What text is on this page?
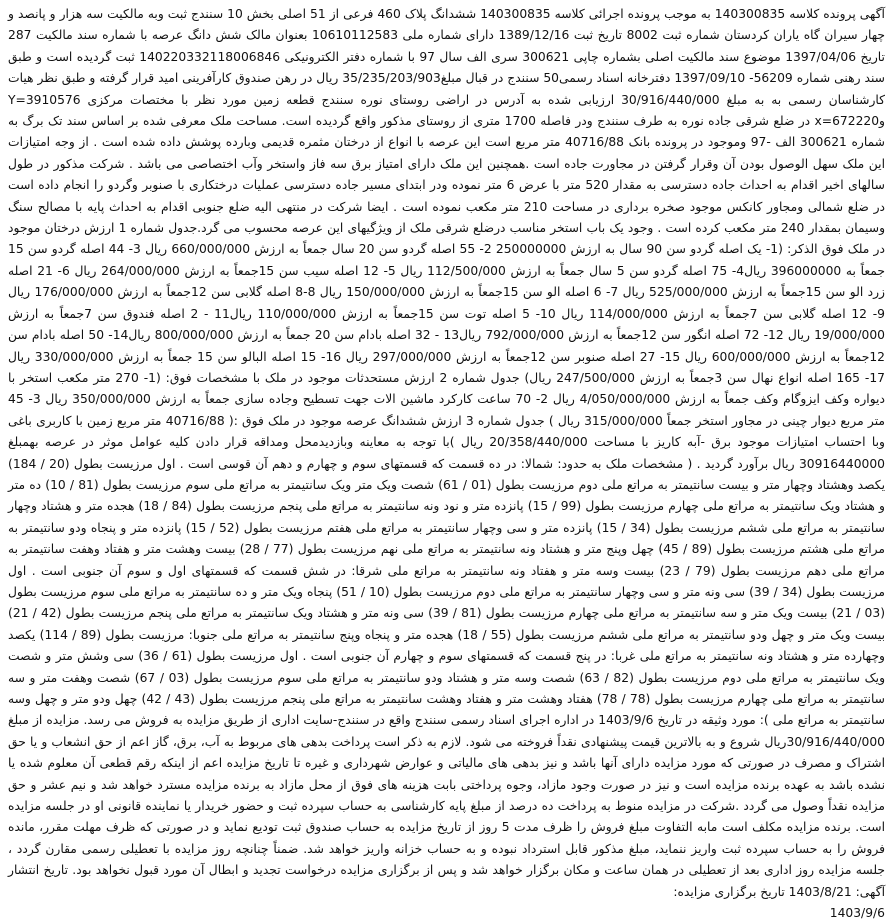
آگهی پرونده کلاسه 140300835 به موجب پرونده اجرائی کلاسه 140300835 ششدانگ پلاک 460 فرعی از 51 اصلی بخش 10 سنندج ثبت وبه مالکیت سه هزار و پانصد و چهار سیران گاه یاران کردستان شماره ثبت 8002 تاریخ ثبت 1389/12/16 دارای شماره ملی 10610112583 بعنوان مالک شش دانگ عرصه با شماره سند مالکیت 287 تاریخ 1397/04/06 موضوع سند مالکیت اصلی بشماره چاپی 300621 سری الف سال 97 با شماره دفتر الکترونیکی 140220332118006846 ثبت گردیده است و طبق سند رهنی شماره 56209- 1397/09/10 دفترخانه اسناد رسمی50 سنندج در قبال مبلغ35/235/203/903 ریال در رهن صندوق کارآفرینی امید قرار گرفته و طبق نظر هیات کارشناسان رسمی به به مبلغ 30/916/440/000 ارزیابی شده به آدرس در اراضی روستای نوره سنندج قطعه زمین مورد نظر با مختصات مرکزی Y=3910576 وx=672220 در ضلع شرقی جاده نوره به طرف سنندج ودر فاصله 1700 متری از روستای مذکور واقع گردیده است. مساحت ملک معرفی شده بر اساس سند تک برگ به شماره 300621 الف -97 وموجود در پرونده بانک 40716/88 متر مربع است این عرصه با انواع از درختان مثمره قدیمی وبارده پوشش داده شده است . از وجه امتیازات این ملک سهل الوصول بودن آن وقرار گرفتن در مجاورت جاده است .همچنین این ملک دارای امتیاز برق سه فاز واستخر وآب اختصاصی می باشد . شرکت مذکور در طول سالهای اخیر اقدام به احداث جاده دسترسی به مقدار 520 متر با عرض 6 متر نموده ودر ابتدای مسیر جاده دسترسی عملیات درختکاری با صنوبر وگردو را انجام داده است در ضلع شمالی ومجاور کانکس موجود صخره برداری در مساحت 210 متر مکعب نموده است . ایضا شرکت در منتهی الیه ضلع جنوبی اقدام به احداث پایه با مصالح سنگ وسیمان بمقدار 240 متر مکعب کرده است . وجود یک باب استخر مناسب درضلع شرقی ملک از ویژگیهای این عرصه محسوب می گرد.جدول شماره 1 ارزش درختان موجود در ملک فوق الذکر: (1- یک اصله گردو سن 90 سال به ارزش 250000000 2- 55 اصله گردو سن 20 سال جمعاً به ارزش 660/000/000 ریال 3- 44 اصله گردو سن 15 جمعاً به 396000000 ریال4- 75 اصله گردو سن 5 سال جمعاً به ارزش 112/500/000 ریال 5- 12 اصله سیب سن 15جمعاً به ارزش 264/000/000 ریال 6- 21 اصله زرد الو سن 15جمعاً به ارزش 525/000/000 ریال 7- 6 اصله الو سن 15جمعاً به ارزش 150/000/000 ریال 8-8 اصله گلابی سن 12جمعاً به ارزش 176/000/000 ریال 9- 12 اصله گلابی سن 7جمعاً به ارزش 114/000/000 ریال 10- 5 اصله توت سن 15جمعاً به ارزش 110/000/000 ریال11 - 2 اصله فندوق سن 7جمعاً به ارزش 19/000/000 ریال 12- 72 اصله انگور سن 12جمعاً به ارزش 792/000/000 ریال13 - 32 اصله بادام سن 20 جمعاً به ارزش 800/000/000 ریال14- 50 اصله بادام سن 12جمعاً به ارزش 600/000/000 ریال 15- 27 اصله صنوبر سن 12جمعاً به ارزش 297/000/000 ریال 16- 15 اصله البالو سن 15 جمعاً به ارزش 330/000/000 ریال 17- 165 اصله انواع نهال سن 3جمعاً به ارزش 247/500/000 ریال) جدول شماره 2 ارزش مستحدثات موجود در ملک با مشخصات فوق: (1- 270 متر مکعب استخر با دیواره وکف ایزوگام وکف جمعاً به ارزش 4/050/000/000 ریال 2- 70 ساعت کارکرد ماشین الات جهت تسطیح وجاده سازی جمعاً به ارزش 350/000/000 ریال 3- 45 متر مربع دیوار چینی در مجاور استخر جمعاً 315/000/000 ریال ) جدول شماره 3 ارزش ششدانگ عرصه موجود در ملک فوق :( 40716/88 متر مربع زمین با کاربری باغی وبا احتساب امتیازات موجود برق -آبه کاریز با مساحت 20/358/440/000 ریال )با توجه به معاینه وبازدیدمحل ومداقه قرار دادن کلیه عوامل موثر در عرصه بهمبلغ 30916440000 ریال برآورد گردید . ( مشخصات ملک به حدود: شمالا: در ده قسمت که قسمتهای سوم و چهارم و دهم آن قوسی است . اول مرزیست بطول (20 / 184) یکصد وهشتاد وچهار متر و بیست سانتیمتر به مراتع ملی دوم مرزیست بطول (01 / 61) شصت ویک متر ویک سانتیمتر به مراتع ملی سوم مرزیست بطول (81 / 10) ده متر و هشتاد ویک سانتیمتر به مراتع ملی چهارم مرزیست بطول (99 / 15) پانزده متر و نود ونه سانتیمتر به مراتع ملی پنجم مرزیست بطول (84 / 18) هجده متر و هشتاد وچهار سانتیمتر به مراتع ملی ششم مرزیست بطول (34 / 15) پانزده متر و سی وچهار سانتیمتر به مراتع ملی هفتم مرزیست بطول (52 / 15) پانزده متر و پنجاه ودو سانتیمتر به مراتع ملی هشتم مرزیست بطول (89 / 45) چهل وپنج متر و هشتاد ونه سانتیمتر به مراتع ملی نهم مرزیست بطول (77 / 28) بیست وهشت متر و هفتاد وهفت سانتیمتر به مراتع ملی دهم مرزیست بطول (79 / 23) بیست وسه متر و هفتاد ونه سانتیمتر به مراتع ملی شرقا: در شش قسمت که قسمتهای اول و سوم آن جنوبی است . اول مرزیست بطول (34 / 39) سی ونه متر و سی وچهار سانتیمتر به مراتع ملی دوم مرزیست بطول (10 / 51) پنجاه ویک متر و ده سانتیمتر به مراتع ملی سوم مرزیست بطول (03 / 21) بیست ویک متر و سه سانتیمتر به مراتع ملی چهارم مرزیست بطول (81 / 39) سی ونه متر و هشتاد ویک سانتیمتر به مراتع ملی پنجم مرزیست بطول (42 / 21) بیست ویک متر و چهل ودو سانتیمتر به مراتع ملی ششم مرزیست بطول (55 / 18) هجده متر و پنجاه وپنج سانتیمتر به مراتع ملی جنوبا: مرزیست بطول (89 / 114) یکصد وچهارده متر و هشتاد ونه سانتیمتر به مراتع ملی غربا: در پنج قسمت که قسمتهای سوم و چهارم آن جنوبی است . اول مرزیست بطول (61 / 36) سی وشش متر و شصت ویک سانتیمتر به مراتع ملی دوم مرزیست بطول (82 / 63) شصت وسه متر و هشتاد ودو سانتیمتر به مراتع ملی سوم مرزیست بطول (03 / 67) شصت وهفت متر و سه سانتیمتر به مراتع ملی چهارم مرزیست بطول (78 / 78) هفتاد وهشت متر و هفتاد وهشت سانتیمتر به مراتع ملی پنجم مرزیست بطول (43 / 42) چهل ودو متر و چهل وسه سانتیمتر به مراتع ملی ): مورد وثیقه در تاریخ 1403/9/6 در اداره اجرای اسناد رسمی سنندج واقع در سنندج-سایت اداری از طریق مزایده به فروش می رسد. مزایده از مبلغ 30/916/440/000ریال شروع و به بالاترین قیمت پیشنهادی نقداً فروخته می شود. لازم به ذکر است پرداخت بدهی های مربوط به آب، برق، گاز اعم از حق انشعاب و یا حق اشتراک و مصرف در صورتی که مورد مزایده دارای آنها باشد و نیز بدهی های مالیاتی و عوارض شهرداری و غیره تا تاریخ مزایده اعم از اینکه رقم قطعی آن معلوم شده یا نشده باشد به عهده برنده مزایده است و نیز در صورت وجود مازاد، وجوه پرداختی بابت هزینه های فوق از محل مازاد به برنده مزایده مسترد خواهد شد و نیم عشر و حق مزایده نقداً وصول می گردد .شرکت در مزایده منوط به پرداخت ده درصد از مبلغ پایه کارشناسی به حساب سپرده ثبت و حضور خریدار یا نماینده قانونی او در جلسه مزایده است. برنده مزایده مکلف است مابه التفاوت مبلغ فروش را ظرف مدت 5 روز از تاریخ مزایده به حساب صندوق ثبت تودیع نماید و در صورتی که ظرف مهلت مقرر، مانده فروش را به حساب سپرده ثبت واریز ننماید، مبلغ مذکور قابل استرداد نبوده و به حساب خزانه واریز خواهد شد. ضمناً چنانچه روز مزایده با تعطیلی رسمی مقارن گردد ، جلسه مزایده روز اداری بعد از تعطیلی در همان ساعت و مکان برگزار خواهد شد و پس از برگزاری مزایده درخواست تجدید و ابطال آن مورد قبول نخواهد بود. تاریخ انتشار آگهی: 1403/8/21 تاریخ برگزاری مزایده:
1403/9/6
